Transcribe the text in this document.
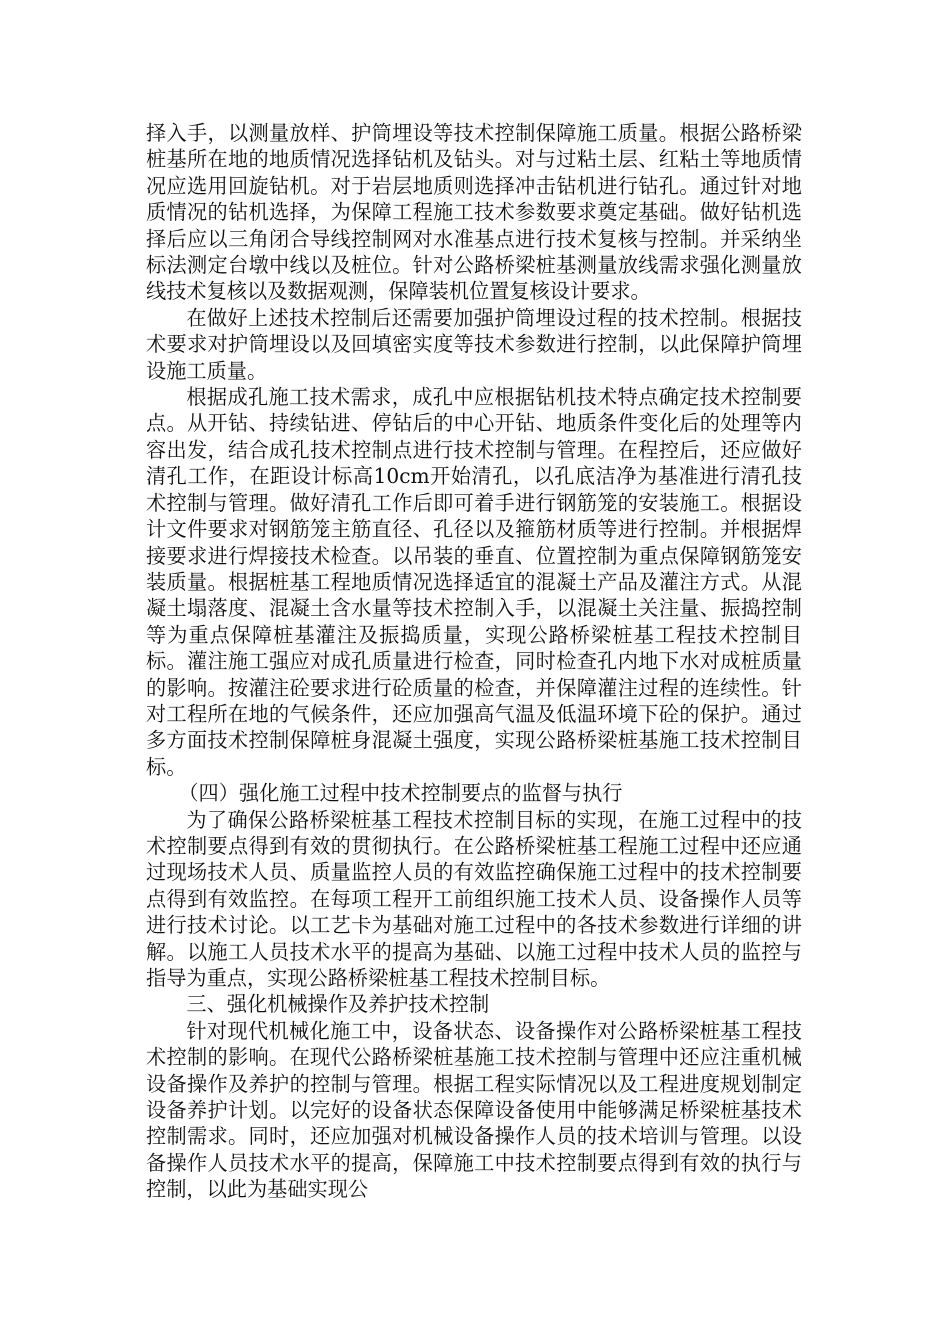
择入手，以测量放样、护筒埋设等技术控制保障施工质量。根据公路桥梁桩基所在地的地质情况选择钻机及钻头。对与过粘土层、红粘土等地质情况应选用回旋钻机。对于岩层地质则选择冲击钻机进行钻孔。通过针对地质情况的钻机选择，为保障工程施工技术参数要求奠定基础。做好钻机选择后应以三角闭合导线控制网对水准基点进行技术复核与控制。并采纳坐标法测定台墩中线以及桩位。针对公路桥梁桩基测量放线需求强化测量放线技术复核以及数据观测，保障装机位置复核设计要求。

在做好上述技术控制后还需要加强护筒埋设过程的技术控制。根据技术要求对护筒埋设以及回填密实度等技术参数进行控制，以此保障护筒埋设施工质量。

根据成孔施工技术需求，成孔中应根据钻机技术特点确定技术控制要点。从开钻、持续钻进、停钻后的中心开钻、地质条件变化后的处理等内容出发，结合成孔技术控制点进行技术控制与管理。在程控后，还应做好清孔工作，在距设计标高10cm开始清孔，以孔底洁净为基准进行清孔技术控制与管理。做好清孔工作后即可着手进行钢筋笼的安装施工。根据设计文件要求对钢筋笼主筋直径、孔径以及箍筋材质等进行控制。并根据焊接要求进行焊接技术检查。以吊装的垂直、位置控制为重点保障钢筋笼安装质量。根据桩基工程地质情况选择适宜的混凝土产品及灌注方式。从混凝土塌落度、混凝土含水量等技术控制入手，以混凝土关注量、振捣控制等为重点保障桩基灌注及振捣质量，实现公路桥梁桩基工程技术控制目标。灌注施工强应对成孔质量进行检查，同时检查孔内地下水对成桩质量的影响。按灌注砼要求进行砼质量的检查，并保障灌注过程的连续性。针对工程所在地的气候条件，还应加强高气温及低温环境下砼的保护。通过多方面技术控制保障桩身混凝土强度，实现公路桥梁桩基施工技术控制目标。

（四）强化施工过程中技术控制要点的监督与执行

为了确保公路桥梁桩基工程技术控制目标的实现，在施工过程中的技术控制要点得到有效的贯彻执行。在公路桥梁桩基工程施工过程中还应通过现场技术人员、质量监控人员的有效监控确保施工过程中的技术控制要点得到有效监控。在每项工程开工前组织施工技术人员、设备操作人员等进行技术讨论。以工艺卡为基础对施工过程中的各技术参数进行详细的讲解。以施工人员技术水平的提高为基础、以施工过程中技术人员的监控与指导为重点，实现公路桥梁桩基工程技术控制目标。

三、强化机械操作及养护技术控制

针对现代机械化施工中，设备状态、设备操作对公路桥梁桩基工程技术控制的影响。在现代公路桥梁桩基施工技术控制与管理中还应注重机械设备操作及养护的控制与管理。根据工程实际情况以及工程进度规划制定设备养护计划。以完好的设备状态保障设备使用中能够满足桥梁桩基技术控制需求。同时，还应加强对机械设备操作人员的技术培训与管理。以设备操作人员技术水平的提高，保障施工中技术控制要点得到有效的执行与控制，以此为基础实现公
